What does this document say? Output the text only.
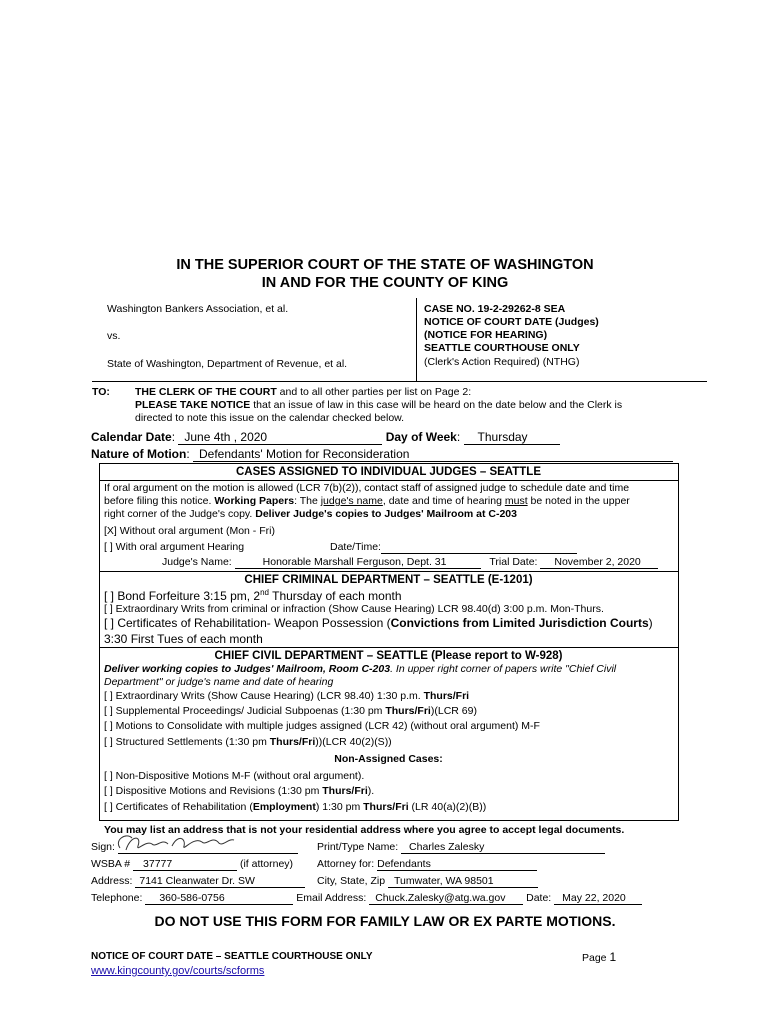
IN THE SUPERIOR COURT OF THE STATE OF WASHINGTON
IN AND FOR THE COUNTY OF KING
Washington Bankers Association, et al.
vs.
State of Washington, Department of Revenue, et al.
CASE NO. 19-2-29262-8 SEA
NOTICE OF COURT DATE (Judges)
(NOTICE FOR HEARING)
SEATTLE COURTHOUSE ONLY
(Clerk's Action Required) (NTHG)
TO: THE CLERK OF THE COURT and to all other parties per list on Page 2:
PLEASE TAKE NOTICE that an issue of law in this case will be heard on the date below and the Clerk is
directed to note this issue on the calendar checked below.
Calendar Date: June 4th , 2020	Day of Week: Thursday
Nature of Motion: Defendants' Motion for Reconsideration
CASES ASSIGNED TO INDIVIDUAL JUDGES – SEATTLE
If oral argument on the motion is allowed (LCR 7(b)(2)), contact staff of assigned judge to schedule date and time
before filing this notice. Working Papers: The judge's name, date and time of hearing must be noted in the upper
right corner of the Judge's copy. Deliver Judge's copies to Judges' Mailroom at C-203
[X] Without oral argument (Mon - Fri)
[ ] With oral argument Hearing	Date/Time:
Judge's Name:	Honorable Marshall Ferguson, Dept. 31	Trial Date: November 2, 2020
CHIEF CRIMINAL DEPARTMENT – SEATTLE (E-1201)
[ ] Bond Forfeiture 3:15 pm, 2nd Thursday of each month
[ ] Extraordinary Writs from criminal or infraction (Show Cause Hearing) LCR 98.40(d) 3:00 p.m. Mon-Thurs.
[ ] Certificates of Rehabilitation- Weapon Possession (Convictions from Limited Jurisdiction Courts)
3:30 First Tues of each month
CHIEF CIVIL DEPARTMENT – SEATTLE (Please report to W-928)
Deliver working copies to Judges' Mailroom, Room C-203. In upper right corner of papers write "Chief Civil
Department" or judge's name and date of hearing
[ ] Extraordinary Writs (Show Cause Hearing) (LCR 98.40) 1:30 p.m. Thurs/Fri
[ ] Supplemental Proceedings/ Judicial Subpoenas (1:30 pm Thurs/Fri)(LCR 69)
[ ] Motions to Consolidate with multiple judges assigned (LCR 42) (without oral argument) M-F
[ ] Structured Settlements (1:30 pm Thurs/Fri))(LCR 40(2)(S))
Non-Assigned Cases:
[ ] Non-Dispositive Motions M-F (without oral argument).
[ ] Dispositive Motions and Revisions (1:30 pm Thurs/Fri).
[ ] Certificates of Rehabilitation (Employment) 1:30 pm Thurs/Fri (LR 40(a)(2)(B))
You may list an address that is not your residential address where you agree to accept legal documents.
Sign:	Print/Type Name: Charles Zalesky
WSBA # 37777	(if attorney) Attorney for: Defendants
Address: 7141 Cleanwater Dr. SW	City, State, Zip Tumwater, WA 98501
Telephone: 360-586-0756	Email Address: Chuck.Zalesky@atg.wa.gov Date: May 22, 2020
DO NOT USE THIS FORM FOR FAMILY LAW OR EX PARTE MOTIONS.
NOTICE OF COURT DATE – SEATTLE COURTHOUSE ONLY	Page 1
www.kingcounty.gov/courts/scforms
